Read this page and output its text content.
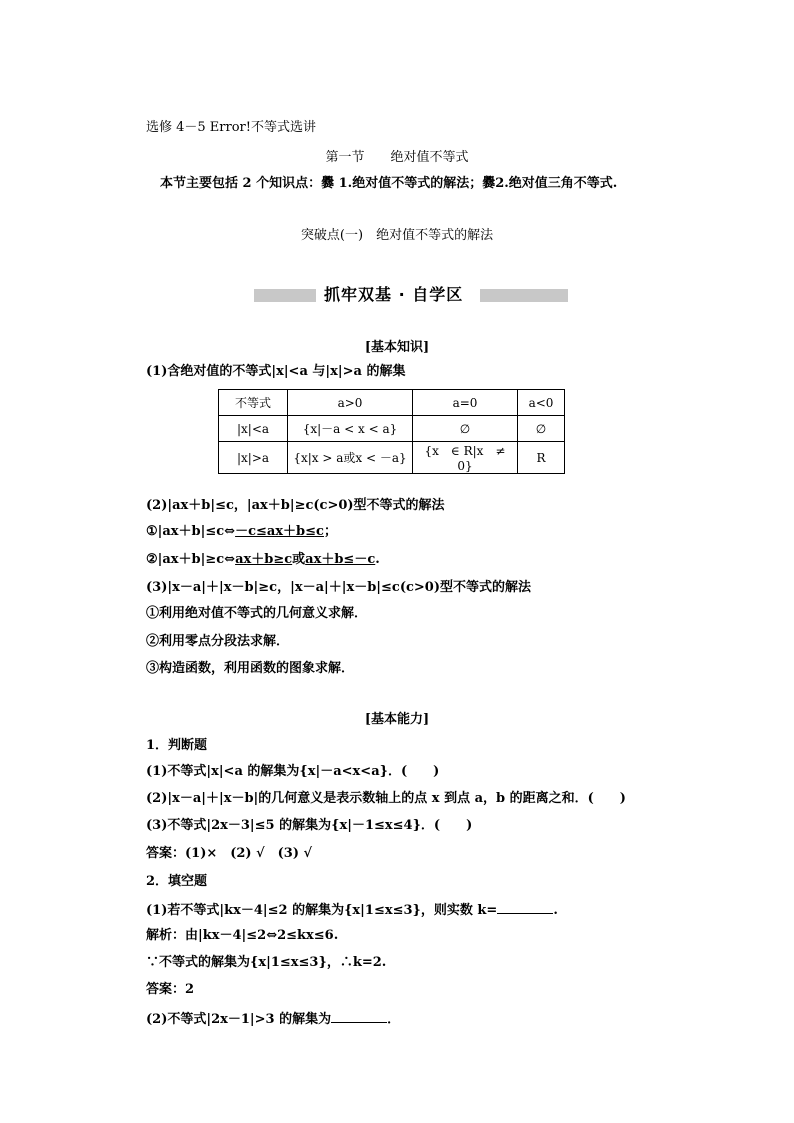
选修 4－5 Error!不等式选讲
第一节　　绝对值不等式
本节主要包括 2 个知识点：爨 1.绝对值不等式的解法；爨2.绝对值三角不等式.
突破点(一)　绝对值不等式的解法
抓牢双基 · 自学区
[基本知识]
(1)含绝对值的不等式|x|<a 与|x|>a 的解集
不等式	a>0	a=0	a<0
|x|<a	{x|－a < x < a}	∅	∅
|x|>a	{x|x > a或x < －a}	{x　∈ R|x　≠ 0}	R
(2)|ax＋b|≤c，|ax＋b|≥c(c>0)型不等式的解法
①|ax＋b|≤c⇔－c≤ax＋b≤c；
②|ax＋b|≥c⇔ax＋b≥c或ax＋b≤－c.
(3)|x－a|＋|x－b|≥c，|x－a|＋|x－b|≤c(c>0)型不等式的解法
①利用绝对值不等式的几何意义求解．
②利用零点分段法求解．
③构造函数，利用函数的图象求解．
[基本能力]
1．判断题
(1)不等式|x|<a 的解集为{x|－a<x<a}．(　　)
(2)|x－a|＋|x－b|的几何意义是表示数轴上的点 x 到点 a，b 的距离之和．(　　)
(3)不等式|2x－3|≤5 的解集为{x|－1≤x≤4}．(　　)
答案：(1)×　(2) √　(3) √
2．填空题
(1)若不等式|kx－4|≤2 的解集为{x|1≤x≤3}，则实数 k=	.
解析：由|kx－4|≤2⇔2≤kx≤6.
∵不等式的解集为{x|1≤x≤3}，∴k=2.
答案：2
(2)不等式|2x－1|>3 的解集为	．
